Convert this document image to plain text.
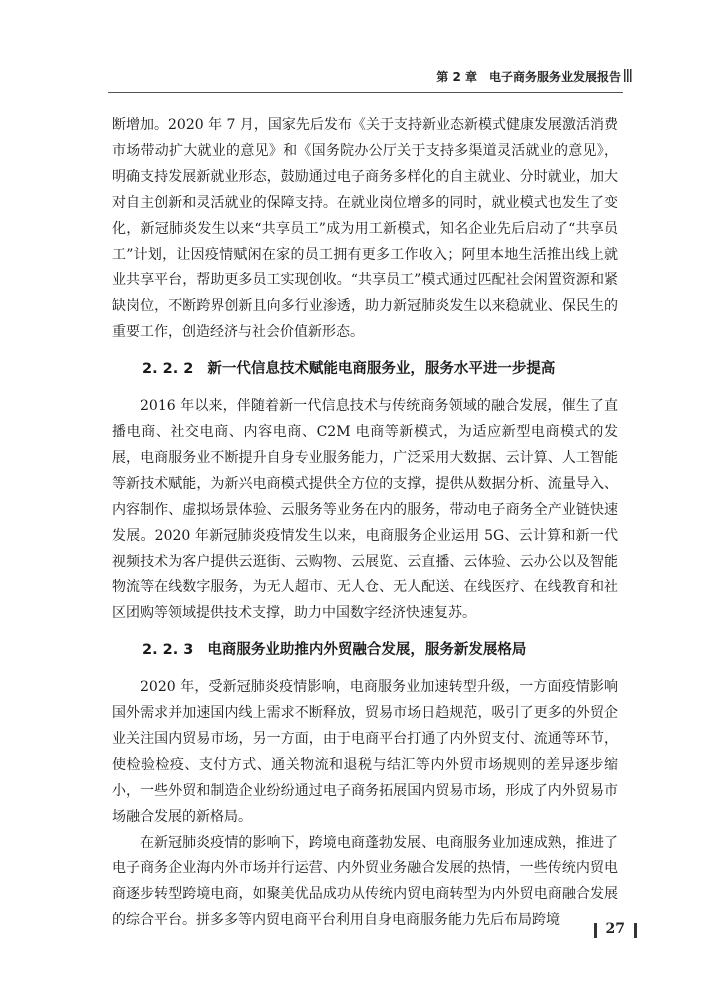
第 2 章　电子商务服务业发展报告

断增加。2020 年 7 月，国家先后发布《关于支持新业态新模式健康发展激活消费市场带动扩大就业的意见》和《国务院办公厅关于支持多渠道灵活就业的意见》，明确支持发展新就业形态，鼓励通过电子商务多样化的自主就业、分时就业，加大对自主创新和灵活就业的保障支持。在就业岗位增多的同时，就业模式也发生了变化，新冠肺炎发生以来“共享员工”成为用工新模式，知名企业先后启动了“共享员工”计划，让因疫情赋闲在家的员工拥有更多工作收入；阿里本地生活推出线上就业共享平台，帮助更多员工实现创收。“共享员工”模式通过匹配社会闲置资源和紧缺岗位，不断跨界创新且向多行业渗透，助力新冠肺炎发生以来稳就业、保民生的重要工作，创造经济与社会价值新形态。

2. 2. 2 新一代信息技术赋能电商服务业，服务水平进一步提高

2016 年以来，伴随着新一代信息技术与传统商务领域的融合发展，催生了直播电商、社交电商、内容电商、C2M 电商等新模式，为适应新型电商模式的发展，电商服务业不断提升自身专业服务能力，广泛采用大数据、云计算、人工智能等新技术赋能，为新兴电商模式提供全方位的支撑，提供从数据分析、流量导入、内容制作、虚拟场景体验、云服务等业务在内的服务，带动电子商务全产业链快速发展。2020 年新冠肺炎疫情发生以来，电商服务企业运用 5G、云计算和新一代视频技术为客户提供云逛街、云购物、云展览、云直播、云体验、云办公以及智能物流等在线数字服务，为无人超市、无人仓、无人配送、在线医疗、在线教育和社区团购等领域提供技术支撑，助力中国数字经济快速复苏。

2. 2. 3 电商服务业助推内外贸融合发展，服务新发展格局

2020 年，受新冠肺炎疫情影响，电商服务业加速转型升级，一方面疫情影响国外需求并加速国内线上需求不断释放，贸易市场日趋规范，吸引了更多的外贸企业关注国内贸易市场，另一方面，由于电商平台打通了内外贸支付、流通等环节，使检验检疫、支付方式、通关物流和退税与结汇等内外贸市场规则的差异逐步缩小，一些外贸和制造企业纷纷通过电子商务拓展国内贸易市场，形成了内外贸易市场融合发展的新格局。

在新冠肺炎疫情的影响下，跨境电商蓬勃发展、电商服务业加速成熟，推进了电子商务企业海内外市场并行运营、内外贸业务融合发展的热情，一些传统内贸电商逐步转型跨境电商，如聚美优品成功从传统内贸电商转型为内外贸电商融合发展的综合平台。拼多多等内贸电商平台利用自身电商服务能力先后布局跨境

27
